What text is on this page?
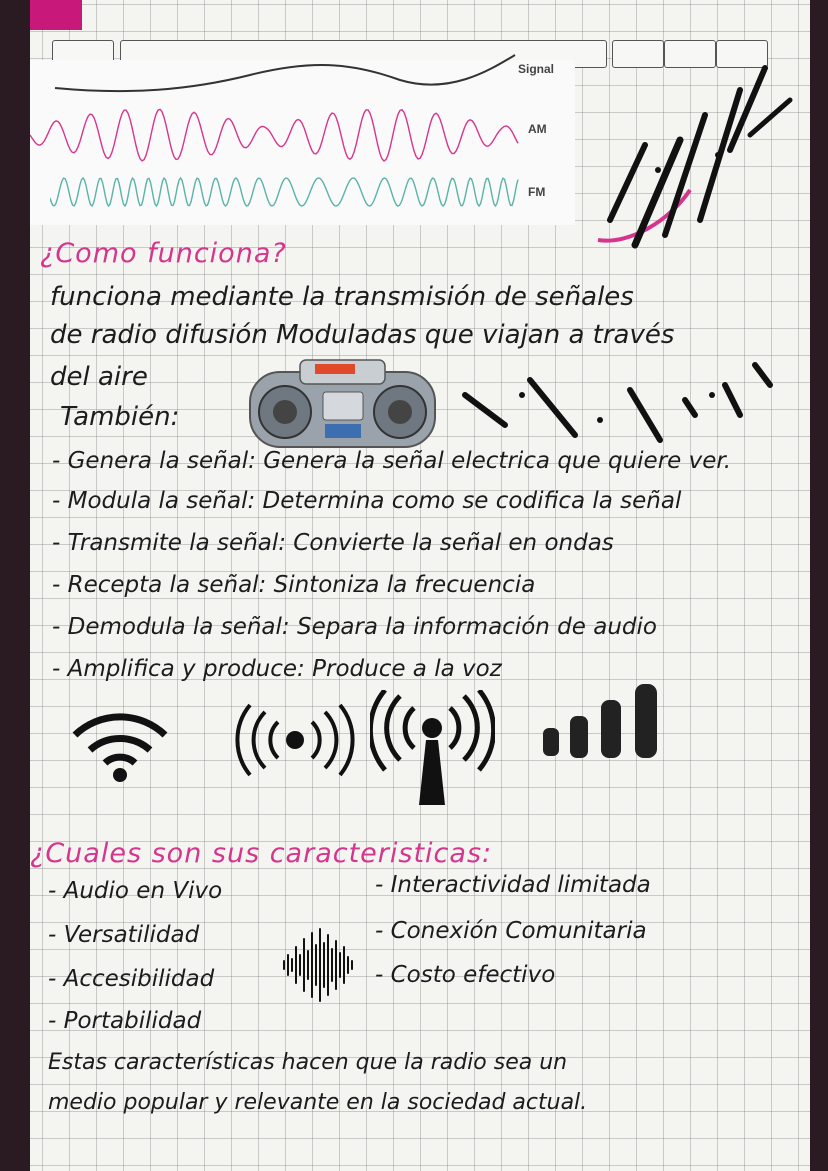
Signal
AM
FM
¿Como funciona?
funciona mediante la transmisión de señales
de radio difusión Moduladas que viajan a través
del aire
También:
- Genera la señal: Genera la señal electrica que quiere ver.
- Modula la señal: Determina como se codifica la señal
- Transmite la señal: Convierte la señal en ondas
- Recepta la señal: Sintoniza la frecuencia
- Demodula la señal: Separa la información de audio
- Amplifica y produce: Produce a la voz
¿Cuales son sus caracteristicas:
- Audio en Vivo
- Versatilidad
- Accesibilidad
- Portabilidad
- Interactividad limitada
- Conexión Comunitaria
- Costo efectivo
Estas características hacen que la radio sea un
medio popular y relevante en la sociedad actual.
